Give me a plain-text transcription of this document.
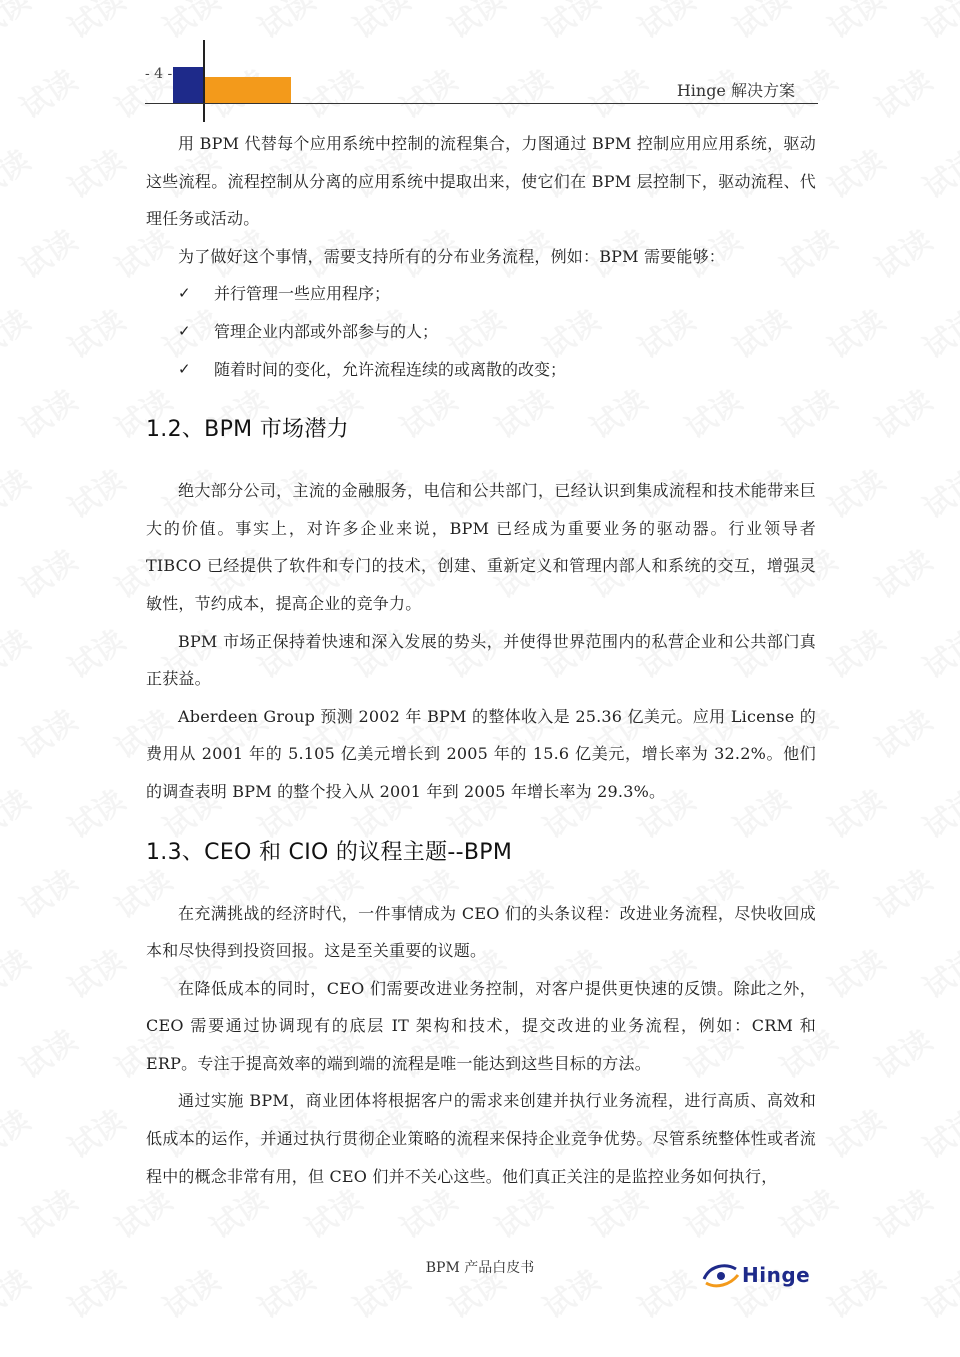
- 4 -
Hinge 解决方案

用 BPM 代替每个应用系统中控制的流程集合，力图通过 BPM 控制应用应用系统，驱动这些流程。流程控制从分离的应用系统中提取出来，使它们在 BPM 层控制下，驱动流程、代理任务或活动。

为了做好这个事情，需要支持所有的分布业务流程，例如：BPM 需要能够：

✓ 并行管理一些应用程序；
✓ 管理企业内部或外部参与的人；
✓ 随着时间的变化，允许流程连续的或离散的改变；
1.2、BPM 市场潜力

绝大部分公司，主流的金融服务，电信和公共部门，已经认识到集成流程和技术能带来巨大的价值。事实上，对许多企业来说，BPM 已经成为重要业务的驱动器。行业领导者 TIBCO 已经提供了软件和专门的技术，创建、重新定义和管理内部人和系统的交互，增强灵敏性，节约成本，提高企业的竞争力。

BPM 市场正保持着快速和深入发展的势头，并使得世界范围内的私营企业和公共部门真正获益。

Aberdeen Group 预测 2002 年 BPM 的整体收入是 25.36 亿美元。应用 License 的费用从 2001 年的 5.105 亿美元增长到 2005 年的 15.6 亿美元，增长率为 32.2%。他们的调查表明 BPM 的整个投入从 2001 年到 2005 年增长率为 29.3%。

1.3、CEO 和 CIO 的议程主题--BPM

在充满挑战的经济时代，一件事情成为 CEO 们的头条议程：改进业务流程，尽快收回成本和尽快得到投资回报。这是至关重要的议题。

在降低成本的同时，CEO 们需要改进业务控制，对客户提供更快速的反馈。除此之外，CEO 需要通过协调现有的底层 IT 架构和技术，提交改进的业务流程，例如：CRM 和 ERP。专注于提高效率的端到端的流程是唯一能达到这些目标的方法。

通过实施 BPM，商业团体将根据客户的需求来创建并执行业务流程，进行高质、高效和低成本的运作，并通过执行贯彻企业策略的流程来保持企业竞争优势。尽管系统整体性或者流程中的概念非常有用，但 CEO 们并不关心这些。他们真正关注的是监控业务如何执行，

BPM 产品白皮书	Hinge
